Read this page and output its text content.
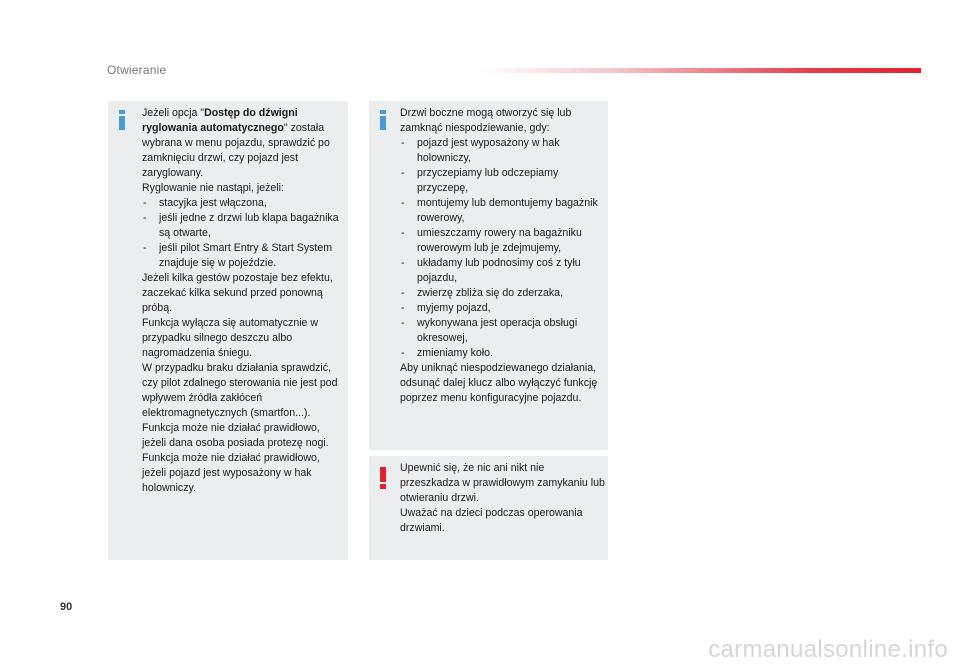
Otwieranie

Jeżeli opcja "Dostęp do dźwigni ryglowania automatycznego" została wybrana w menu pojazdu, sprawdzić po zamknięciu drzwi, czy pojazd jest zaryglowany.

Ryglowanie nie nastąpi, jeżeli:

- stacyjka jest włączona,
- jeśli jedne z drzwi lub klapa bagażnika są otwarte,
- jeśli pilot Smart Entry & Start System znajduje się w pojeździe.

Jeżeli kilka gestów pozostaje bez efektu, zaczekać kilka sekund przed ponowną próbą.

Funkcja wyłącza się automatycznie w przypadku silnego deszczu albo nagromadzenia śniegu.

W przypadku braku działania sprawdzić, czy pilot zdalnego sterowania nie jest pod wpływem źródła zakłóceń elektromagnetycznych (smartfon...).

Funkcja może nie działać prawidłowo, jeżeli dana osoba posiada protezę nogi.

Funkcja może nie działać prawidłowo, jeżeli pojazd jest wyposażony w hak holowniczy.

Drzwi boczne mogą otworzyć się lub zamknąć niespodziewanie, gdy:

- pojazd jest wyposażony w hak holowniczy,
- przyczepiamy lub odczepiamy przyczepę,
- montujemy lub demontujemy bagażnik rowerowy,
- umieszczamy rowery na bagażniku rowerowym lub je zdejmujemy,
- układamy lub podnosimy coś z tyłu pojazdu,
- zwierzę zbliża się do zderzaka,
- myjemy pojazd,
- wykonywana jest operacja obsługi okresowej,
- zmieniamy koło.

Aby uniknąć niespodziewanego działania, odsunąć dalej klucz albo wyłączyć funkcję poprzez menu konfiguracyjne pojazdu.

Upewnić się, że nic ani nikt nie przeszkadza w prawidłowym zamykaniu lub otwieraniu drzwi.

Uważać na dzieci podczas operowania drzwiami.

90
carmanualsonline.info
